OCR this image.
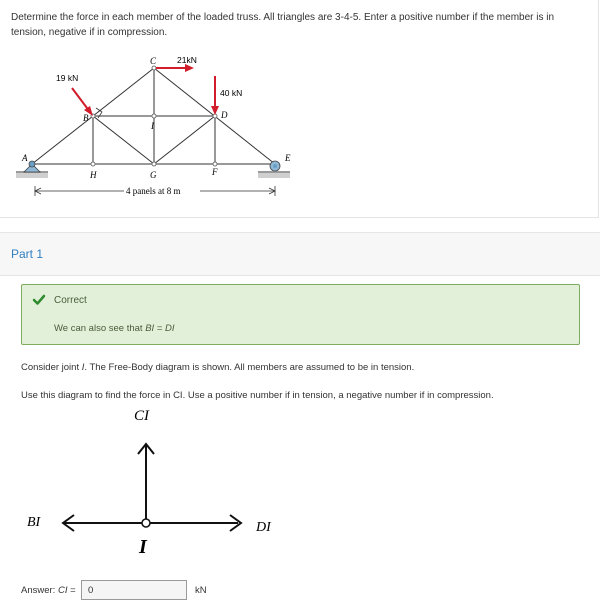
Determine the force in each member of the loaded truss. All triangles are 3-4-5. Enter a positive number if the member is in tension, negative if in compression.
A
B
C
D
E
F
G
H
I
19 kN
21kN
40 kN
4 panels at 8 m
Part 1
Correct
We can also see that BI = DI
Consider joint I. The Free-Body diagram is shown. All members are assumed to be in tension.
Use this diagram to find the force in CI. Use a positive number if in tension, a negative number if in compression.
CI
BI	DI
I
Answer: CI =
0	kN
